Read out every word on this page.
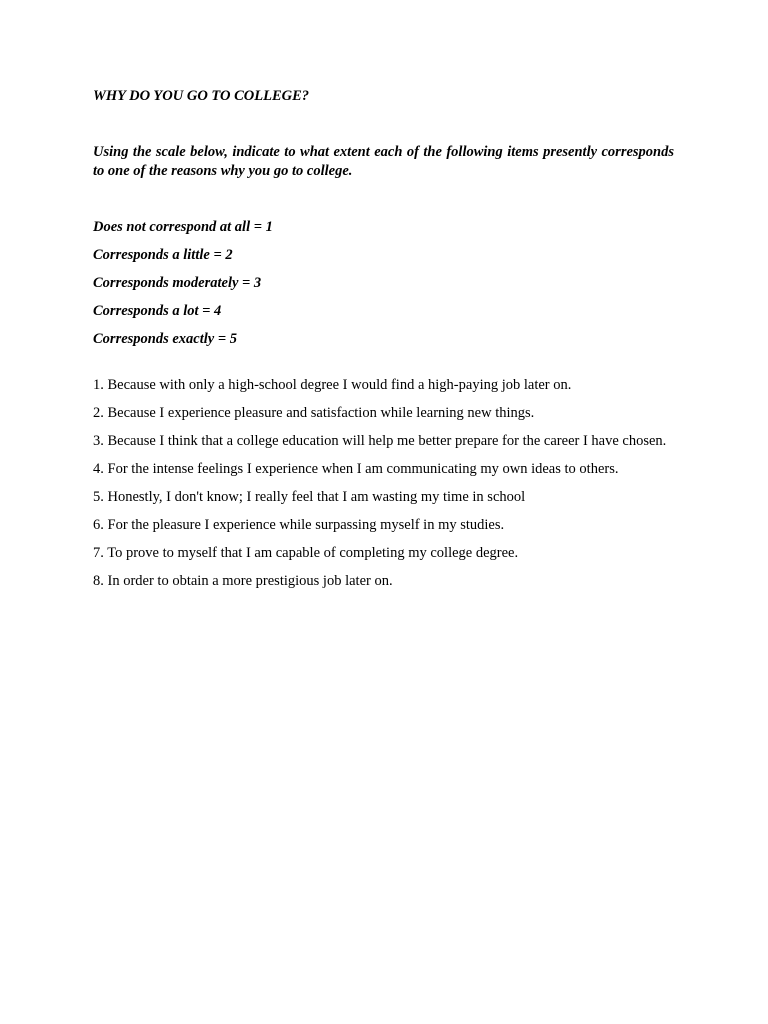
WHY DO YOU GO TO COLLEGE?

Using the scale below, indicate to what extent each of the following items presently corresponds to one of the reasons why you go to college.

Does not correspond at all = 1
Corresponds a little = 2
Corresponds moderately = 3
Corresponds a lot = 4
Corresponds exactly = 5
1. Because with only a high-school degree I would find a high-paying job later on.
2. Because I experience pleasure and satisfaction while learning new things.
3. Because I think that a college education will help me better prepare for the career I have chosen.
4. For the intense feelings I experience when I am communicating my own ideas to others.
5. Honestly, I don't know; I really feel that I am wasting my time in school
6. For the pleasure I experience while surpassing myself in my studies.
7. To prove to myself that I am capable of completing my college degree.
8. In order to obtain a more prestigious job later on.
